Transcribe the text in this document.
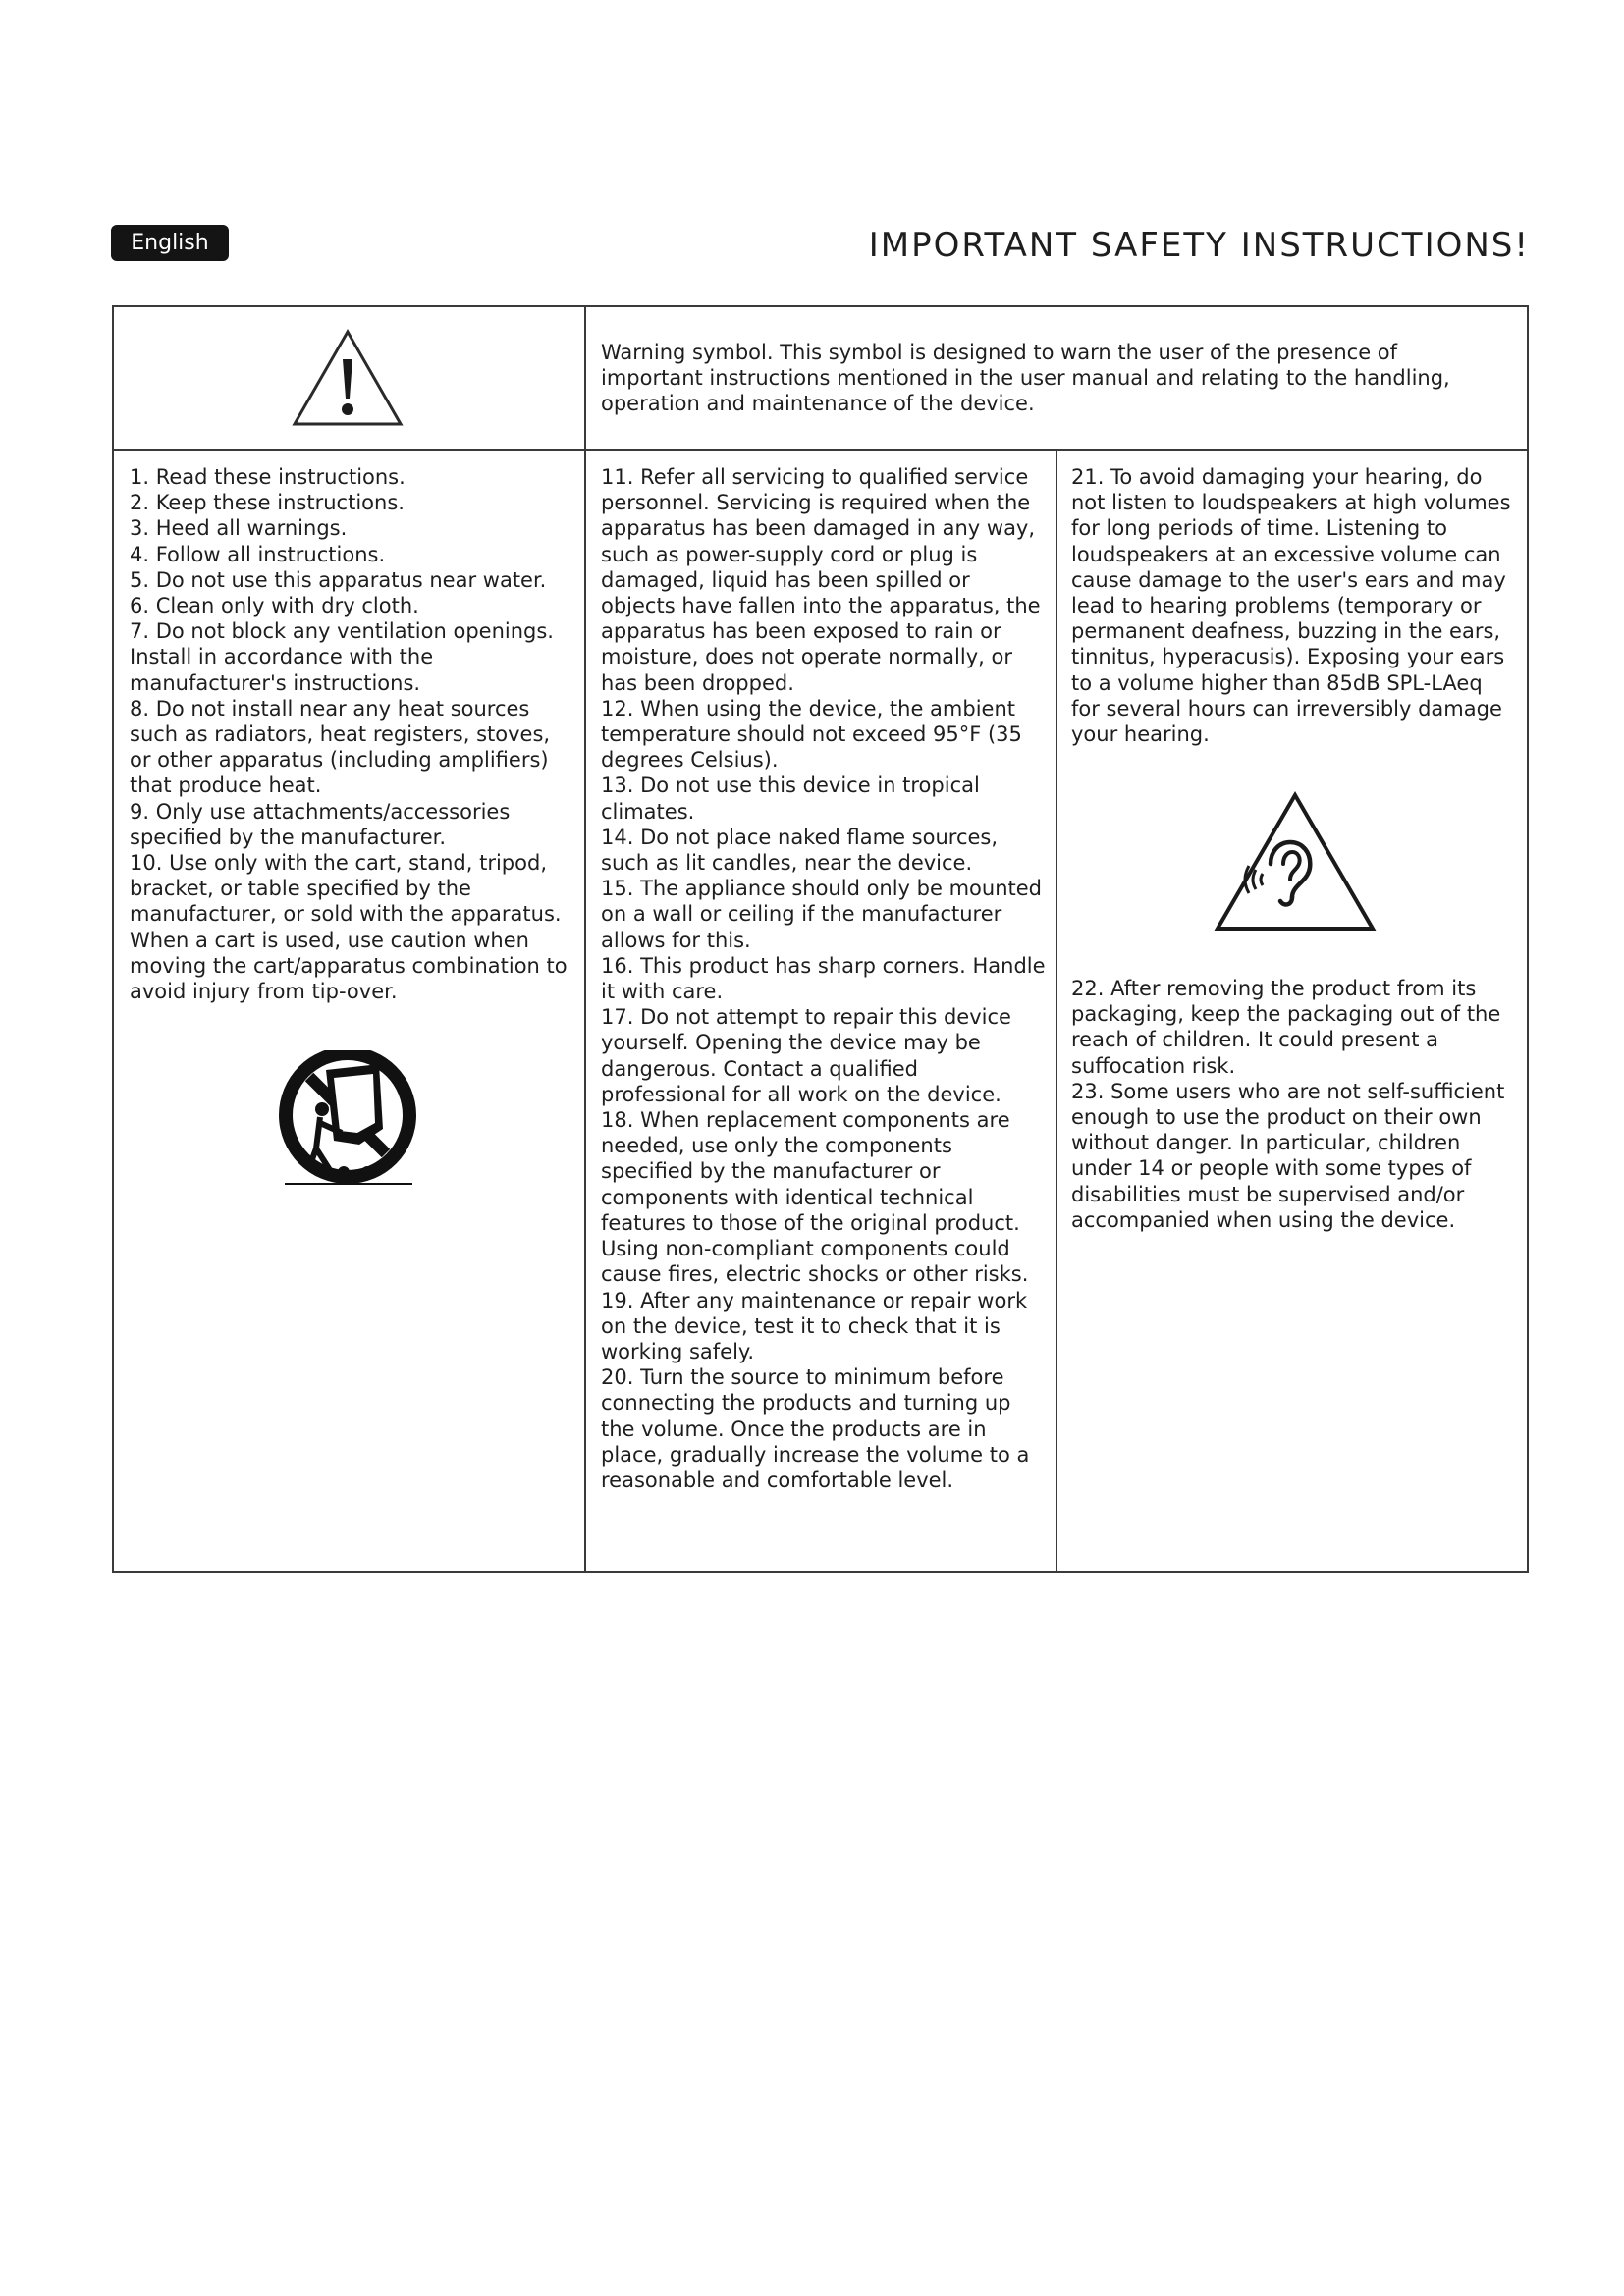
English	IMPORTANT SAFETY INSTRUCTIONS!
Warning symbol. This symbol is designed to warn the user of the presence of important instructions mentioned in the user manual and relating to the handling, operation and maintenance of the device.

1. Read these instructions.

2. Keep these instructions.

3. Heed all warnings.

4. Follow all instructions.

5. Do not use this apparatus near water.

6. Clean only with dry cloth.

7. Do not block any ventilation openings. Install in accordance with the manufacturer's instructions.

8. Do not install near any heat sources such as radiators, heat registers, stoves, or other apparatus (including amplifiers) that produce heat.

9. Only use attachments/accessories specified by the manufacturer.

10. Use only with the cart, stand, tripod, bracket, or table specified by the manufacturer, or sold with the apparatus. When a cart is used, use caution when moving the cart/apparatus combination to avoid injury from tip-over.

11. Refer all servicing to qualified service personnel. Servicing is required when the apparatus has been damaged in any way, such as power-supply cord or plug is damaged, liquid has been spilled or objects have fallen into the apparatus, the apparatus has been exposed to rain or moisture, does not operate normally, or has been dropped.

12. When using the device, the ambient temperature should not exceed 95°F (35 degrees Celsius).

13. Do not use this device in tropical climates.

14. Do not place naked flame sources, such as lit candles, near the device.

15. The appliance should only be mounted on a wall or ceiling if the manufacturer allows for this.

16. This product has sharp corners. Handle it with care.

17. Do not attempt to repair this device yourself. Opening the device may be dangerous. Contact a qualified professional for all work on the device.

18. When replacement components are needed, use only the components specified by the manufacturer or components with identical technical features to those of the original product. Using non-compliant components could cause fires, electric shocks or other risks.

19. After any maintenance or repair work on the device, test it to check that it is working safely.

20. Turn the source to minimum before connecting the products and turning up the volume. Once the products are in place, gradually increase the volume to a reasonable and comfortable level.

21. To avoid damaging your hearing, do not listen to loudspeakers at high volumes for long periods of time. Listening to loudspeakers at an excessive volume can cause damage to the user's ears and may lead to hearing problems (temporary or permanent deafness, buzzing in the ears, tinnitus, hyperacusis). Exposing your ears to a volume higher than 85dB SPL-LAeq for several hours can irreversibly damage your hearing.

22. After removing the product from its packaging, keep the packaging out of the reach of children. It could present a suffocation risk.

23. Some users who are not self-sufficient enough to use the product on their own without danger. In particular, children under 14 or people with some types of disabilities must be supervised and/or accompanied when using the device.
